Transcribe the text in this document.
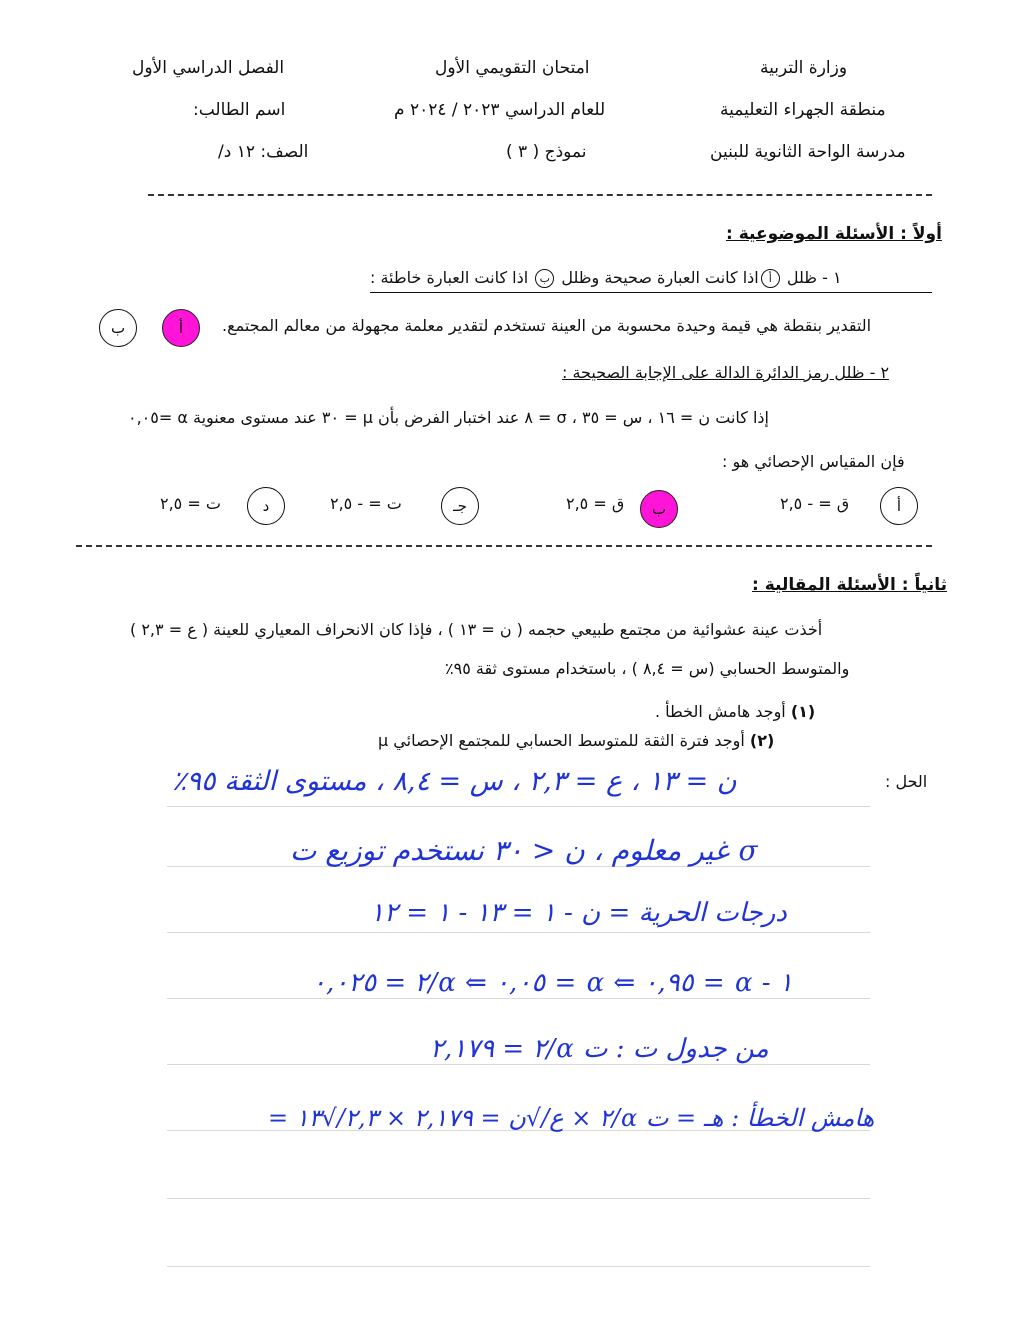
وزارة التربية
امتحان التقويمي الأول
الفصل الدراسي الأول
منطقة الجهراء التعليمية
للعام الدراسي ٢٠٢٣ / ٢٠٢٤ م
اسم الطالب:
مدرسة الواحة الثانوية للبنين
نموذج ( ٣ )
الصف: ١٢ د/
أولاً : الأسئلة الموضوعية :
١ - ظلل أاذا كانت العبارة صحيحة وظلل ب اذا كانت العبارة خاطئة :
التقدير بنقطة هي قيمة وحيدة محسوبة من العينة تستخدم لتقدير معلمة مجهولة من معالم المجتمع.
أ
ب
٢ - ظلل رمز الدائرة الدالة على الإجابة الصحيحة :
إذا كانت ن = ١٦ ، س = ٣٥ ، σ = ٨ عند اختبار الفرض بأن μ = ٣٠ عند مستوى معنوية α =٠,٠٥
فإن المقياس الإحصائي هو :
أ
ق = - ٢,٥
ب
ق = ٢,٥
جـ
ت = - ٢,٥
د
ت = ٢,٥
ثانياً : الأسئلة المقالية :
أخذت عينة عشوائية من مجتمع طبيعي حجمه ( ن = ١٣ ) ، فإذا كان الانحراف المعياري للعينة ( ع = ٢,٣ )
والمتوسط الحسابي (س = ٨,٤ ) ، باستخدام مستوى ثقة ٩٥٪
(١) أوجد هامش الخطأ .
(٢) أوجد فترة الثقة للمتوسط الحسابي للمجتمع الإحصائي μ
الحل :
ن = ١٣ ، ع = ٢,٣ ، س = ٨,٤ ، مستوى الثقة ٩٥٪
σ غير معلوم ، ن < ٣٠ نستخدم توزيع ت
درجات الحرية = ن - ١ = ١٣ - ١ = ١٢
١ - α = ٠,٩٥ ⇐ α = ٠,٠٥ ⇐ α/٢ = ٠,٠٢٥
من جدول ت : ت α/٢ = ٢,١٧٩
هامش الخطأ : هـ = ت α/٢ × ع/√ن = ٢,١٧٩ × ٢,٣/√١٣ =
